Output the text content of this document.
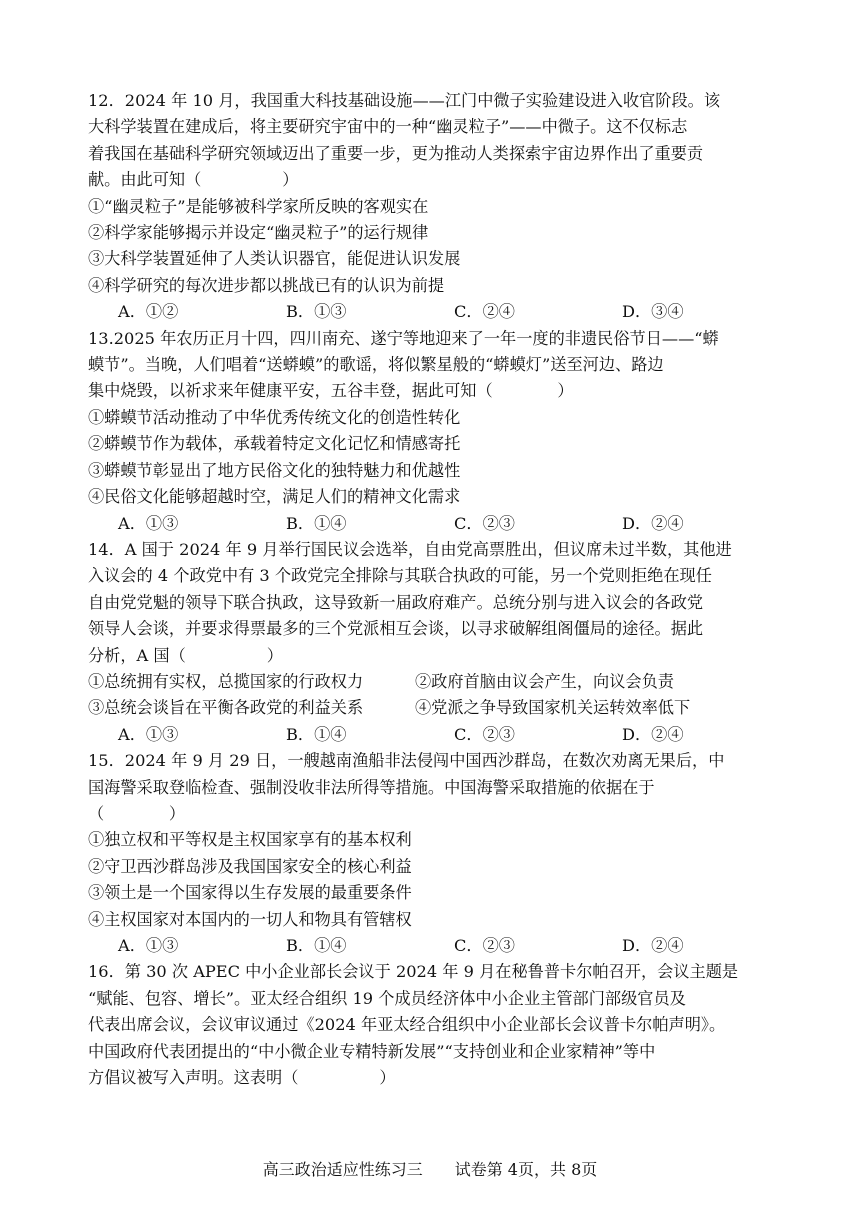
12．2024 年 10 月，我国重大科技基础设施——江门中微子实验建设进入收官阶段。该

大科学装置在建成后，将主要研究宇宙中的一种“幽灵粒子”——中微子。这不仅标志

着我国在基础科学研究领域迈出了重要一步，更为推动人类探索宇宙边界作出了重要贡

献。由此可知（　　　　　）

①“幽灵粒子”是能够被科学家所反映的客观实在

②科学家能够揭示并设定“幽灵粒子”的运行规律

③大科学装置延伸了人类认识器官，能促进认识发展

④科学研究的每次进步都以挑战已有的认识为前提

A．①②	B．①③	C．②④	D．③④

13.2025 年农历正月十四，四川南充、遂宁等地迎来了一年一度的非遗民俗节日——“蟒

蟆节”。当晚，人们唱着“送蟒蟆”的歌谣，将似繁星般的“蟒蟆灯”送至河边、路边

集中烧毁，以祈求来年健康平安，五谷丰登，据此可知（　　　　）

①蟒蟆节活动推动了中华优秀传统文化的创造性转化

②蟒蟆节作为载体，承载着特定文化记忆和情感寄托

③蟒蟆节彰显出了地方民俗文化的独特魅力和优越性

④民俗文化能够超越时空，满足人们的精神文化需求

A．①③	B．①④	C．②③	D．②④

14．A 国于 2024 年 9 月举行国民议会选举，自由党高票胜出，但议席未过半数，其他进

入议会的 4 个政党中有 3 个政党完全排除与其联合执政的可能，另一个党则拒绝在现任

自由党党魁的领导下联合执政，这导致新一届政府难产。总统分别与进入议会的各政党

领导人会谈，并要求得票最多的三个党派相互会谈，以寻求破解组阁僵局的途径。据此

分析，A 国（　　　　　）

①总统拥有实权，总揽国家的行政权力	②政府首脑由议会产生，向议会负责
③总统会谈旨在平衡各政党的利益关系	④党派之争导致国家机关运转效率低下
A．①③	B．①④	C．②③	D．②④

15．2024 年 9 月 29 日，一艘越南渔船非法侵闯中国西沙群岛，在数次劝离无果后，中

国海警采取登临检查、强制没收非法所得等措施。中国海警采取措施的依据在于

（　　　　）

①独立权和平等权是主权国家享有的基本权利

②守卫西沙群岛涉及我国国家安全的核心利益

③领土是一个国家得以生存发展的最重要条件

④主权国家对本国内的一切人和物具有管辖权

A．①③	B．①④	C．②③	D．②④

16．第 30 次 APEC 中小企业部长会议于 2024 年 9 月在秘鲁普卡尔帕召开，会议主题是

“赋能、包容、增长”。亚太经合组织 19 个成员经济体中小企业主管部门部级官员及

代表出席会议，会议审议通过《2024 年亚太经合组织中小企业部长会议普卡尔帕声明》。

中国政府代表团提出的“中小微企业专精特新发展”“支持创业和企业家精神”等中

方倡议被写入声明。这表明（　　　　　）

高三政治适应性练习三　　试卷第 4页，共 8页
